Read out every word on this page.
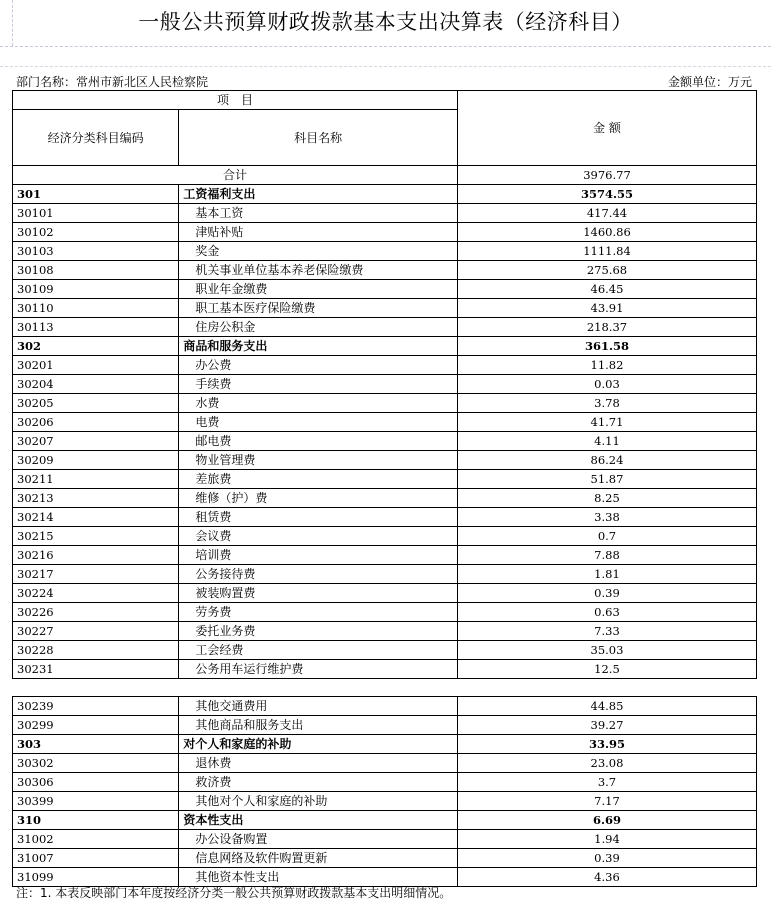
一般公共预算财政拨款基本支出决算表（经济科目）
部门名称：常州市新北区人民检察院	金额单位：万元
项　目		金 额
经济分类科目编码	科目名称	
合计		3976.77
301	工资福利支出	3574.55
30101	基本工资	417.44
30102	津贴补贴	1460.86
30103	奖金	1111.84
30108	机关事业单位基本养老保险缴费	275.68
30109	职业年金缴费	46.45
30110	职工基本医疗保险缴费	43.91
30113	住房公积金	218.37
302	商品和服务支出	361.58
30201	办公费	11.82
30204	手续费	0.03
30205	水费	3.78
30206	电费	41.71
30207	邮电费	4.11
30209	物业管理费	86.24
30211	差旅费	51.87
30213	维修（护）费	8.25
30214	租赁费	3.38
30215	会议费	0.7
30216	培训费	7.88
30217	公务接待费	1.81
30224	被装购置费	0.39
30226	劳务费	0.63
30227	委托业务费	7.33
30228	工会经费	35.03
30231	公务用车运行维护费	12.5
30239	其他交通费用	44.85
30299	其他商品和服务支出	39.27
303	对个人和家庭的补助	33.95
30302	退休费	23.08
30306	救济费	3.7
30399	其他对个人和家庭的补助	7.17
310	资本性支出	6.69
31002	办公设备购置	1.94
31007	信息网络及软件购置更新	0.39
31099	其他资本性支出	4.36
注：1. 本表反映部门本年度按经济分类一般公共预算财政拨款基本支出明细情况。
